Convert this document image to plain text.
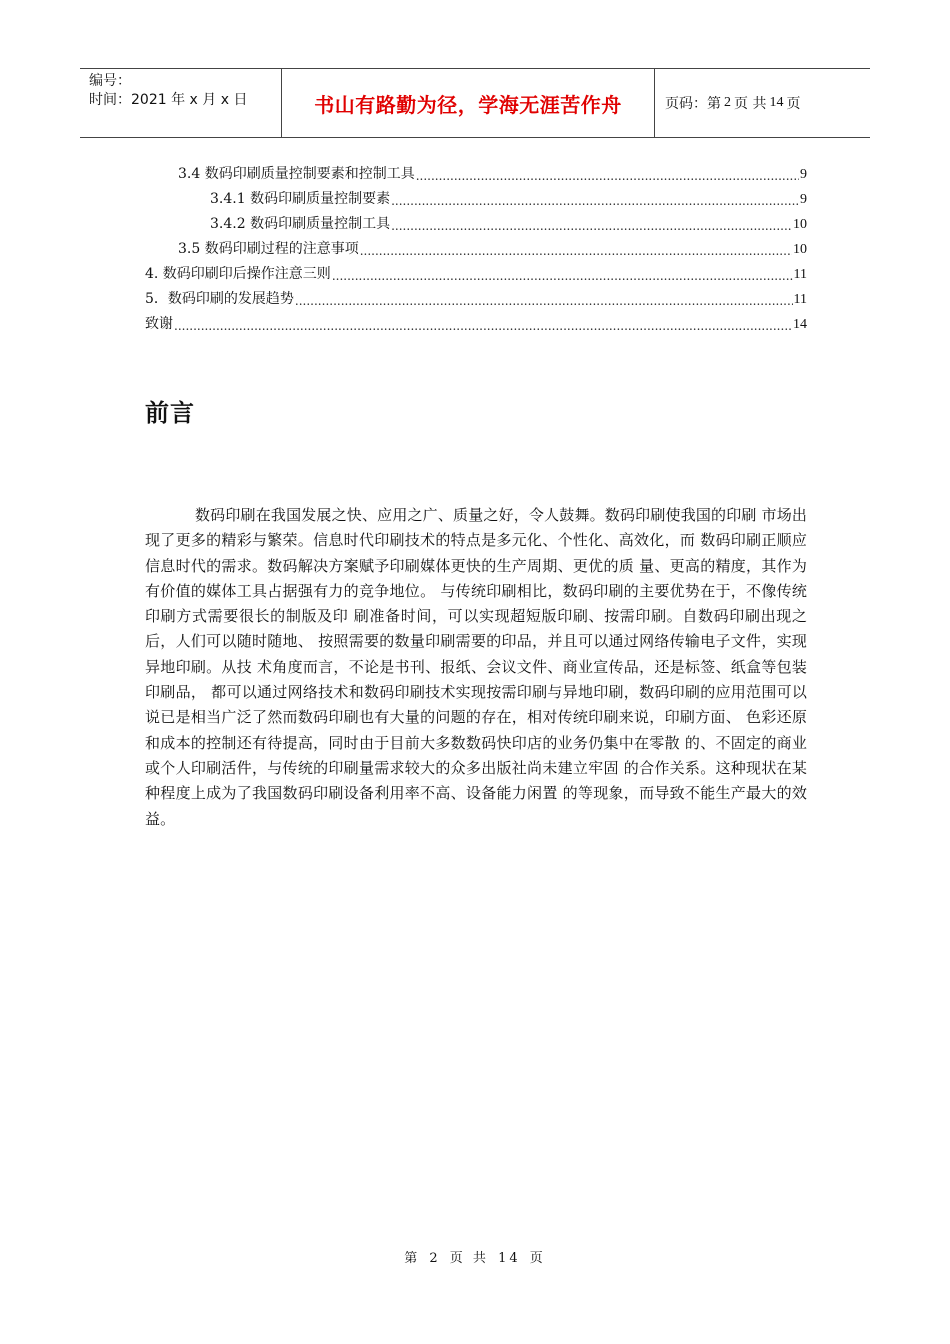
编号：
时间：2021 年 x 月 x 日	书山有路勤为径，学海无涯苦作舟	页码：第 2 页 共 14 页
3.4 数码印刷质量控制要素和控制工具 .....	9
3.4.1 数码印刷质量控制要素 .....	9
3.4.2 数码印刷质量控制工具 .....	10
3.5 数码印刷过程的注意事项 .....	10
4. 数码印刷印后操作注意三则 .....	11
5．数码印刷的发展趋势 .....	11
致谢 .....	14
前言
数码印刷在我国发展之快、应用之广、质量之好，令人鼓舞。数码印刷使我国的印刷 市场出现了更多的精彩与繁荣。信息时代印刷技术的特点是多元化、个性化、高效化，而 数码印刷正顺应信息时代的需求。数码解决方案赋予印刷媒体更快的生产周期、更优的质 量、更高的精度，其作为有价值的媒体工具占据强有力的竞争地位。 与传统印刷相比，数码印刷的主要优势在于，不像传统印刷方式需要很长的制版及印 刷准备时间，可以实现超短版印刷、按需印刷。自数码印刷出现之后，人们可以随时随地、 按照需要的数量印刷需要的印品，并且可以通过网络传输电子文件，实现异地印刷。从技 术角度而言，不论是书刊、报纸、会议文件、商业宣传品，还是标签、纸盒等包装印刷品， 都可以通过网络技术和数码印刷技术实现按需印刷与异地印刷，数码印刷的应用范围可以 说已是相当广泛了然而数码印刷也有大量的问题的存在，相对传统印刷来说，印刷方面、 色彩还原和成本的控制还有待提高，同时由于目前大多数数码快印店的业务仍集中在零散 的、不固定的商业或个人印刷活件，与传统的印刷量需求较大的众多出版社尚未建立牢固 的合作关系。这种现状在某种程度上成为了我国数码印刷设备利用率不高、设备能力闲置 的等现象，而导致不能生产最大的效益。
第 2 页 共 14 页
